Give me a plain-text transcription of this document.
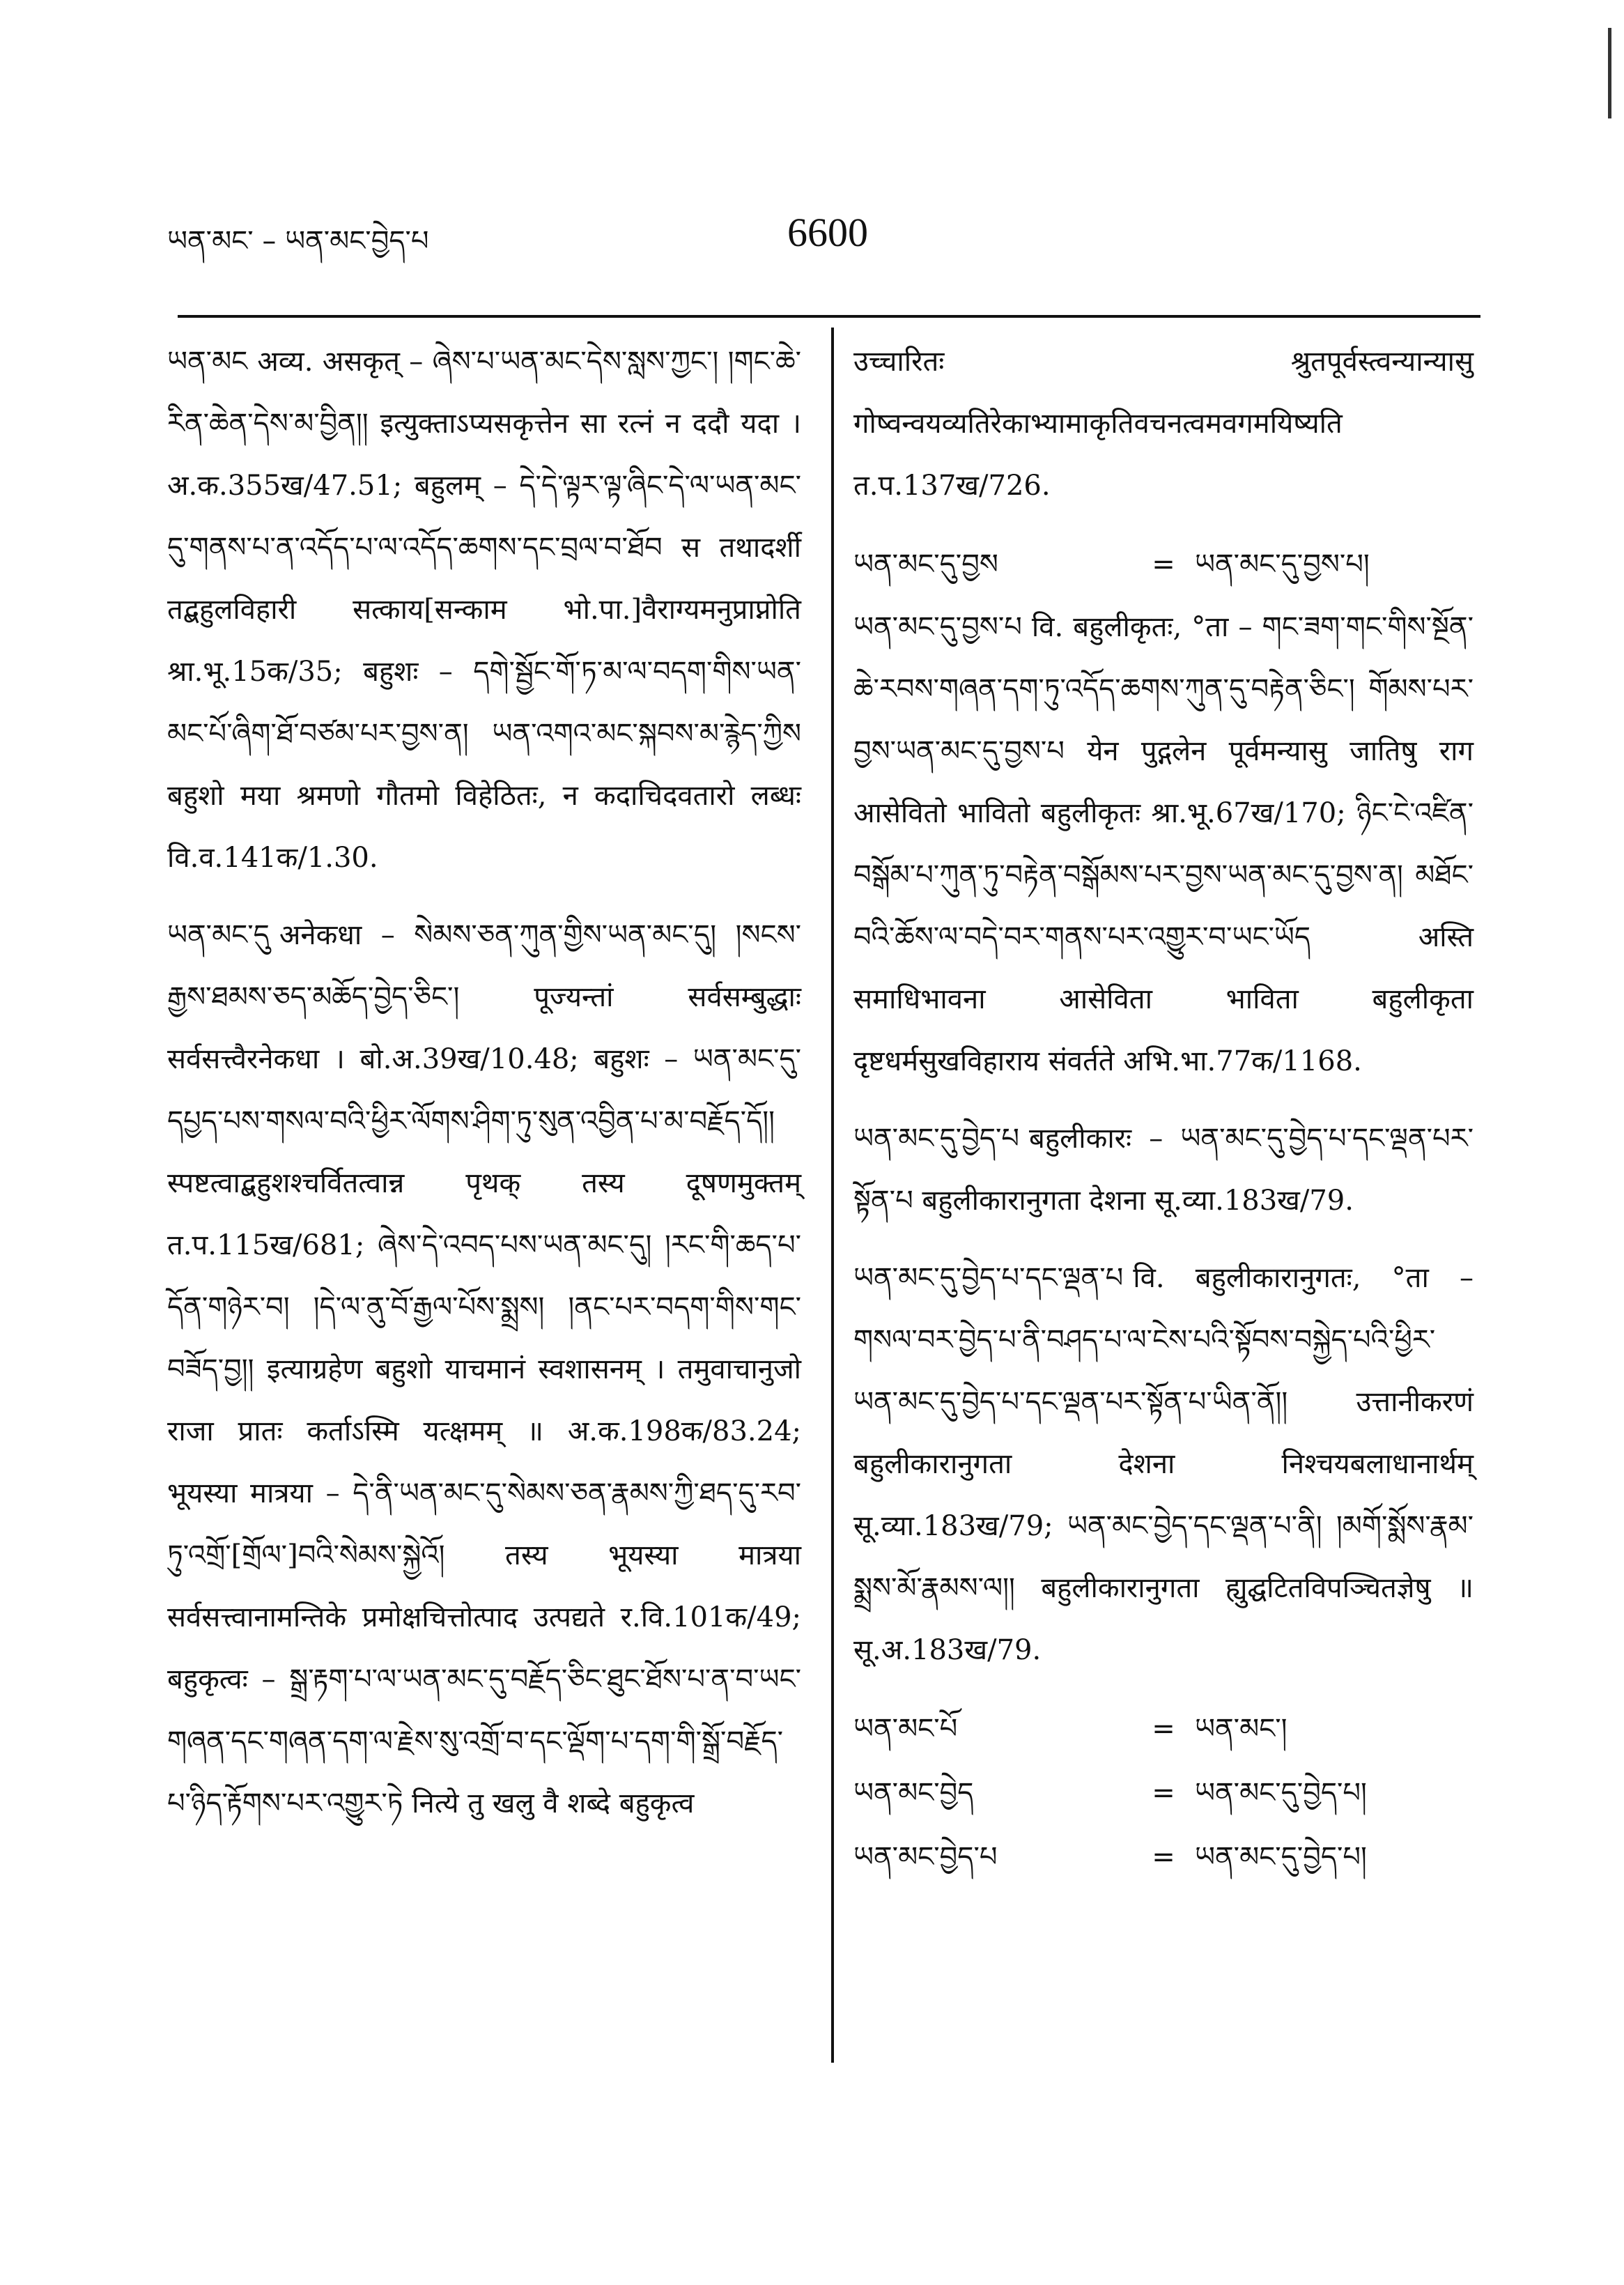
ཡན་མང་ – ཡན་མང་བྱེད་པ	6600

ཡན་མང अव्य. असकृत् – ཞེས་པ་ཡན་མང་དེས་སླས་ཀྱང་། །གང་ཆེ་རིན་ཆེན་དེས་མ་བྱིན།། इत्युक्ताऽप्यसकृत्तेन सा रत्नं न ददौ यदा । अ.क.355ख/47.51; बहुलम् – དེ་དེ་ལྟར་ལྟ་ཞིང་དེ་ལ་ཡན་མང་དུ་གནས་པ་ན་འདོད་པ་ལ་འདོད་ཆགས་དང་བྲལ་བ་ཐོབ स तथादर्शी तद्बहुलविहारी सत्काय[सन्काम भो.पा.]वैराग्यमनुप्राप्नोति श्रा.भू.15क/35; बहुशः – དགེ་སྦྱོང་གོ་ཏ་མ་ལ་བདག་གིས་ཡན་མང་པོ་ཞིག་ཐོ་བཙམ་པར་བྱས་ན། ཡན་འགའ་མང་སྐབས་མ་རྙེད་ཀྱིས बहुशो मया श्रमणो गौतमो विहेठितः, न कदाचिदवतारो लब्धः वि.व.141क/1.30.

ཡན་མང་དུ अनेकधा – སེམས་ཅན་ཀུན་གྱིས་ཡན་མང་དུ། །སངས་རྒྱས་ཐམས་ཅད་མཆོད་བྱེད་ཅིང་། पूज्यन्तां सर्वसम्बुद्धाः सर्वसत्त्वैरनेकधा । बो.अ.39ख/10.48; बहुशः – ཡན་མང་དུ་དཔྱད་པས་གསལ་བའི་ཕྱིར་ལོགས་ཤིག་ཏུ་སུན་འབྱིན་པ་མ་བརྗོད་དོ།། स्पष्टत्वाद्बहुशश्चर्वितत्वान्न पृथक् तस्य दूषणमुक्तम् त.प.115ख/681; ཞེས་དེ་འབད་པས་ཡན་མང་དུ། །རང་གི་ཆད་པ་དོན་གཉེར་བ། །དེ་ལ་ནུ་བོ་རྒྱལ་པོས་སྨྲས། །ནང་པར་བདག་གིས་གང་བཟོད་བྱ།། इत्याग्रहेण बहुशो याचमानं स्वशासनम् । तमुवाचानुजो राजा प्रातः कर्ताऽस्मि यत्क्षमम् ॥ अ.क.198क/83.24; भूयस्या मात्रया – དེ་ནི་ཡན་མང་དུ་སེམས་ཅན་རྣམས་ཀྱི་ཐད་དུ་རབ་ཏུ་འགྲོ་[གྲོལ་]བའི་སེམས་སྐྱེའོ། तस्य भूयस्या मात्रया सर्वसत्त्वानामन्तिके प्रमोक्षचित्तोत्पाद उत्पद्यते र.वि.101क/49; बहुकृत्वः – སྒྲ་རྟག་པ་ལ་ཡན་མང་དུ་བརྗོད་ཅིང་ཐུང་ཐོས་པ་ན་བ་ཡང་གཞན་དང་གཞན་དག་ལ་རྗེས་སུ་འགྲོ་བ་དང་ལྡོག་པ་དག་གི་སྒྲོ་བརྗོད་པ་ཉིད་རྟོགས་པར་འགྱུར་ཏེ नित्ये तु खलु वै शब्दे बहुकृत्व

उच्चारितः श्रुतपूर्वस्त्वन्यान्यासु गोष्वन्वयव्यतिरेकाभ्यामाकृतिवचनत्वमवगमयिष्यति त.प.137ख/726.

ཡན་མང་དུ་བྱས	= ཡན་མང་དུ་བྱས་པ།

ཡན་མང་དུ་བྱས་པ वि. बहुलीकृतः, °ता – གང་ཟག་གང་གིས་སྔོན་ཆེ་རབས་གཞན་དག་ཏུ་འདོད་ཆགས་ཀུན་དུ་བརྟེན་ཅིང་། གོམས་པར་བྱས་ཡན་མང་དུ་བྱས་པ येन पुद्गलेन पूर्वमन्यासु जातिषु राग आसेवितो भावितो बहुलीकृतः श्रा.भू.67ख/170; ཉིང་ངེ་འཛིན་བསྒོམ་པ་ཀུན་ཏུ་བརྟེན་བསྒོམས་པར་བྱས་ཡན་མང་དུ་བྱས་ན། མཐོང་བའི་ཆོས་ལ་བདེ་བར་གནས་པར་འགྱུར་བ་ཡང་ཡོད अस्ति समाधिभावना आसेविता भाविता बहुलीकृता दृष्टधर्मसुखविहाराय संवर्तते अभि.भा.77क/1168.

ཡན་མང་དུ་བྱེད་པ बहुलीकारः – ཡན་མང་དུ་བྱེད་པ་དང་ལྡན་པར་སྟོན་པ बहुलीकारानुगता देशना सू.व्या.183ख/79.

ཡན་མང་དུ་བྱེད་པ་དང་ལྡན་པ वि. बहुलीकारानुगतः, °ता – གསལ་བར་བྱེད་པ་ནི་བཤད་པ་ལ་ངེས་པའི་སྟོབས་བསྐྱེད་པའི་ཕྱིར་ཡན་མང་དུ་བྱེད་པ་དང་ལྡན་པར་སྟོན་པ་ཡིན་ནོ།། उत्तानीकरणं बहुलीकारानुगता देशना निश्चयबलाधानार्थम् सू.व्या.183ख/79; ཡན་མང་བྱེད་དང་ལྡན་པ་ནི། །མགོ་སྨོས་རྣམ་སྨྲས་མོ་རྣམས་ལ།། बहुलीकारानुगता ह्युद्घटितविपञ्चितज्ञेषु ॥ सू.अ.183ख/79.

ཡན་མང་པོ	= ཡན་མང་།
ཡན་མང་བྱེད	= ཡན་མང་དུ་བྱེད་པ།
ཡན་མང་བྱེད་པ	= ཡན་མང་དུ་བྱེད་པ།
